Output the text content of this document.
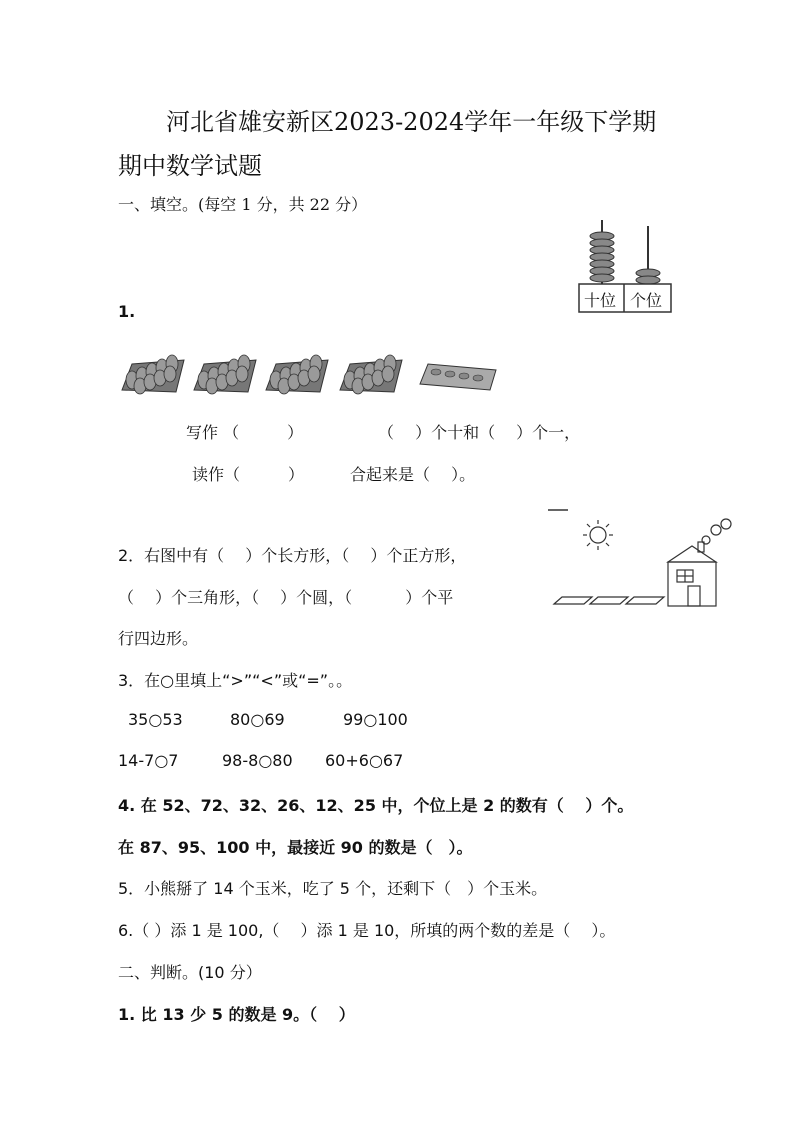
河北省雄安新区2023-2024学年一年级下学期
期中数学试题
一、填空。(每空 1 分，共 22 分）
1.
十位 个位
写作 （　　　）	（　 ）个十和（　 ）个一，
读作（　　　）	合起来是（　 ）。
2．右图中有（　 ）个长方形，（　 ）个正方形，
（　 ）个三角形，（　 ）个圆，（　　　 ）个平
行四边形。
3．在○里填上“>”“<”或“=”。。
35○53	80○69	99○100
14-7○7	98-8○80 60+6○67
4. 在 52、72、32、26、12、25 中，个位上是 2 的数有（　 ）个。
在 87、95、100 中，最接近 90 的数是（　）。
5．小熊掰了 14 个玉米，吃了 5 个，还剩下（　）个玉米。
6.（ ）添 1 是 100,（　 ）添 1 是 10，所填的两个数的差是（　 ）。
二、判断。(10 分）
1. 比 13 少 5 的数是 9。（　 ）
